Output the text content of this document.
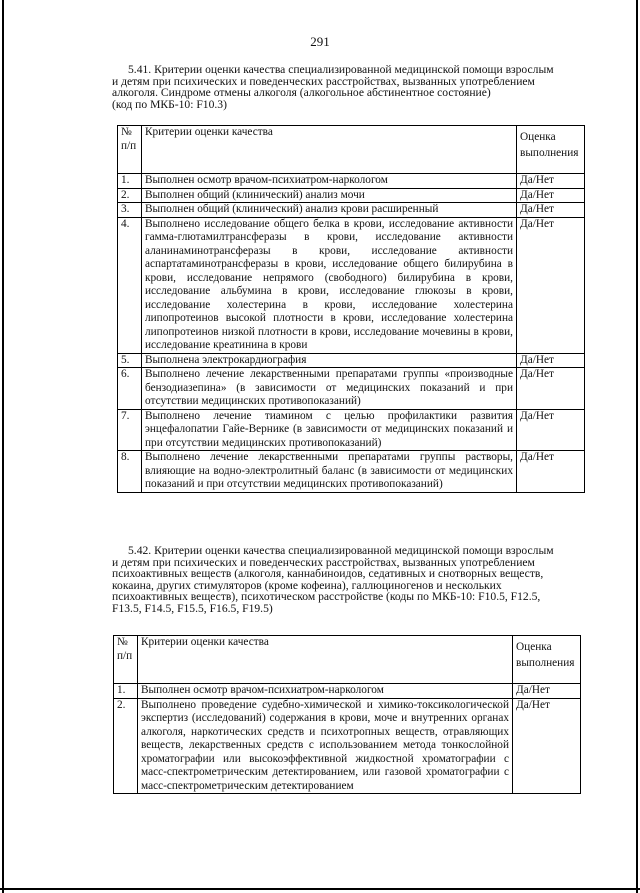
291
5.41. Критерии оценки качества специализированной медицинской помощи взрослым
и детям при психических и поведенческих расстройствах, вызванных употреблением
алкоголя. Синдроме отмены алкоголя (алкогольное абстинентное состояние)
(код по МКБ-10: F10.3)
№ п/п	Критерии оценки качества	Оценка выполнения
1.	Выполнен осмотр врачом-психиатром-наркологом	Да/Нет
2.	Выполнен общий (клинический) анализ мочи	Да/Нет
3.	Выполнен общий (клинический) анализ крови расширенный	Да/Нет
4.	Выполнено исследование общего белка в крови, исследование активности гамма-глютамилтрансферазы в крови, исследование активности аланинаминотрансферазы в крови, исследование активности аспартатаминотрансферазы в крови, исследование общего билирубина в крови, исследование непрямого (свободного) билирубина в крови, исследование альбумина в крови, исследование глюкозы в крови, исследование холестерина в крови, исследование холестерина липопротеинов высокой плотности в крови, исследование холестерина липопротеинов низкой плотности в крови, исследование мочевины в крови, исследование креатинина в крови	Да/Нет
5.	Выполнена электрокардиография	Да/Нет
6.	Выполнено лечение лекарственными препаратами группы «производные бензодиазепина» (в зависимости от медицинских показаний и при отсутствии медицинских противопоказаний)	Да/Нет
7.	Выполнено лечение тиамином с целью профилактики развития энцефалопатии Гайе-Вернике (в зависимости от медицинских показаний и при отсутствии медицинских противопоказаний)	Да/Нет
8.	Выполнено лечение лекарственными препаратами группы растворы, влияющие на водно-электролитный баланс (в зависимости от медицинских показаний и при отсутствии медицинских противопоказаний)	Да/Нет
5.42. Критерии оценки качества специализированной медицинской помощи взрослым
и детям при психических и поведенческих расстройствах, вызванных употреблением
психоактивных веществ (алкоголя, каннабиноидов, седативных и снотворных веществ,
кокаина, других стимуляторов (кроме кофеина), галлюциногенов и нескольких
психоактивных веществ), психотическом расстройстве (коды по МКБ-10: F10.5, F12.5,
F13.5, F14.5, F15.5, F16.5, F19.5)
№ п/п	Критерии оценки качества	Оценка выполнения
1.	Выполнен осмотр врачом-психиатром-наркологом	Да/Нет
2.	Выполнено проведение судебно-химической и химико-токсикологической экспертиз (исследований) содержания в крови, моче и внутренних органах алкоголя, наркотических средств и психотропных веществ, отравляющих веществ, лекарственных средств с использованием метода тонкослойной хроматографии или высокоэффективной жидкостной хроматографии с масс-спектрометрическим детектированием, или газовой хроматографии с масс-спектрометрическим детектированием	Да/Нет
